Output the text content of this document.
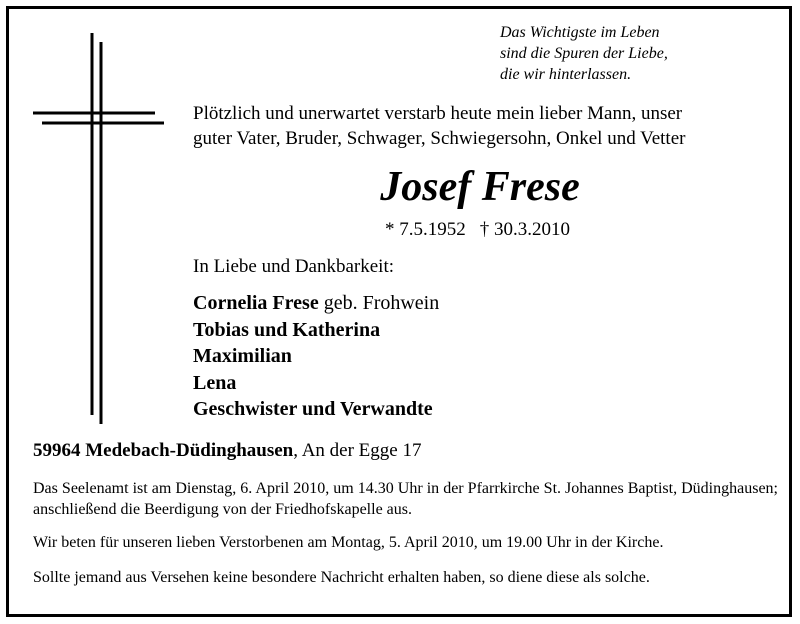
Das Wichtigste im Leben
sind die Spuren der Liebe,
die wir hinterlassen.
Plötzlich und unerwartet verstarb heute mein lieber Mann, unser
guter Vater, Bruder, Schwager, Schwiegersohn, Onkel und Vetter
Josef Frese
* 7.5.1952 † 30.3.2010
In Liebe und Dankbarkeit:
Cornelia Frese geb. Frohwein
Tobias und Katherina
Maximilian
Lena
Geschwister und Verwandte
59964 Medebach-Düdinghausen, An der Egge 17
Das Seelenamt ist am Dienstag, 6. April 2010, um 14.30 Uhr in der Pfarrkirche St. Johannes Baptist, Düdinghausen; anschließend die Beerdigung von der Friedhofskapelle aus.
Wir beten für unseren lieben Verstorbenen am Montag, 5. April 2010, um 19.00 Uhr in der Kirche.
Sollte jemand aus Versehen keine besondere Nachricht erhalten haben, so diene diese als solche.
